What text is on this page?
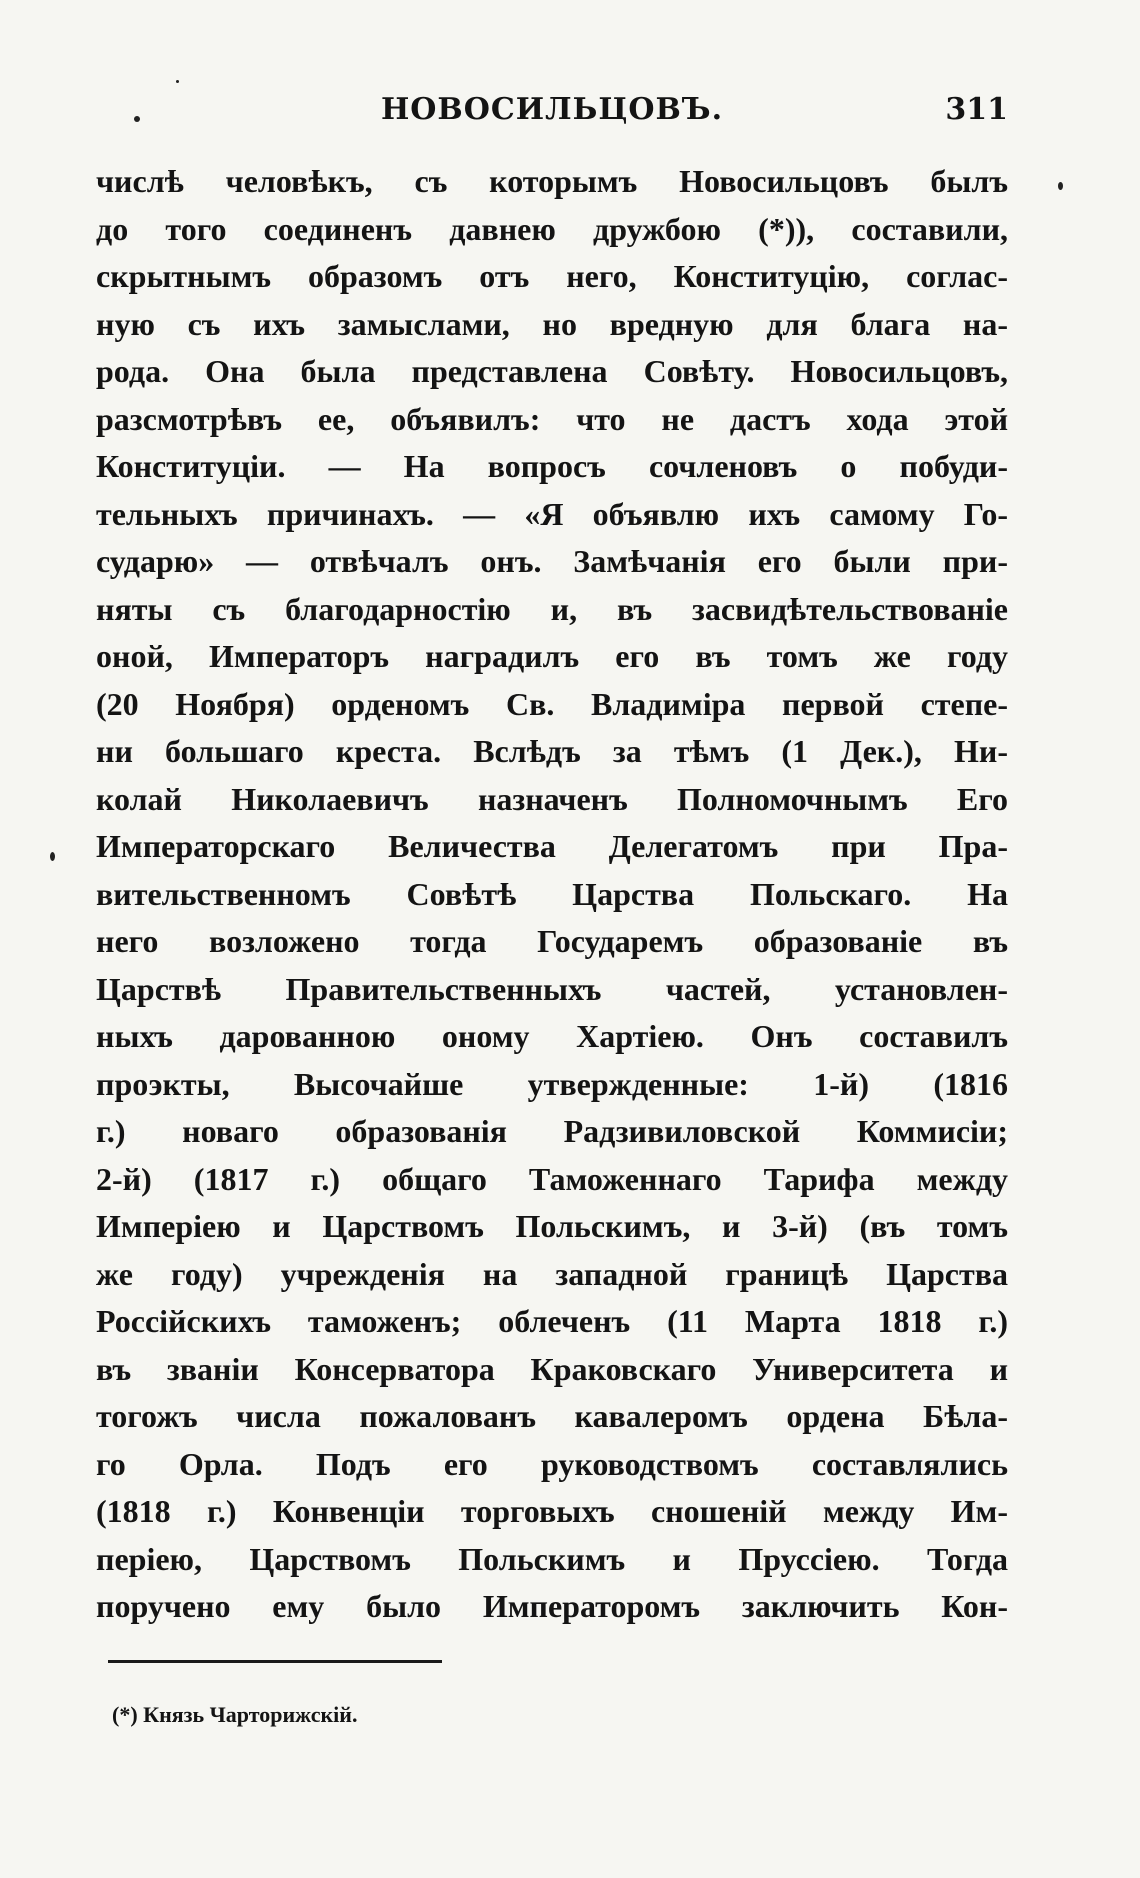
НОВОСИЛЬЦОВЪ.	311
числѣ человѣкъ, съ которымъ Новосильцовъ былъ
до того соединенъ давнею дружбою (*)), составили,
скрытнымъ образомъ отъ него, Конституцію, соглас-
ную съ ихъ замыслами, но вредную для блага на-
рода. Она была представлена Совѣту. Новосильцовъ,
разсмотрѣвъ ее, объявилъ: что не дастъ хода этой
Конституціи. — На вопросъ сочленовъ о побуди-
тельныхъ причинахъ. — «Я объявлю ихъ самому Го-
сударю» — отвѣчалъ онъ. Замѣчанія его были при-
няты съ благодарностію и, въ засвидѣтельствованіе
оной, Императоръ наградилъ его въ томъ же году
(20 Ноября) орденомъ Св. Владиміра первой степе-
ни большаго креста. Вслѣдъ за тѣмъ (1 Дек.), Ни-
колай Николаевичъ назначенъ Полномочнымъ Его
Императорскаго Величества Делегатомъ при Пра-
вительственномъ Совѣтѣ Царства Польскаго. На
него возложено тогда Государемъ образованіе въ
Царствѣ Правительственныхъ частей, установлен-
ныхъ дарованною оному Хартіею. Онъ составилъ
проэкты, Высочайше утвержденные: 1-й) (1816
г.) новаго образованія Радзивиловской Коммисіи;
2-й) (1817 г.) общаго Таможеннаго Тарифа между
Имперіею и Царствомъ Польскимъ, и 3-й) (въ томъ
же году) учрежденія на западной границѣ Царства
Россійскихъ таможенъ; облеченъ (11 Марта 1818 г.)
въ званіи Консерватора Краковскаго Университета и
тогожъ числа пожалованъ кавалеромъ ордена Бѣла-
го Орла. Подъ его руководствомъ составлялись
(1818 г.) Конвенціи торговыхъ сношеній между Им-
періею, Царствомъ Польскимъ и Пруссіею. Тогда
поручено ему было Императоромъ заключить Кон-
(*) Князь Чарторижскій.
